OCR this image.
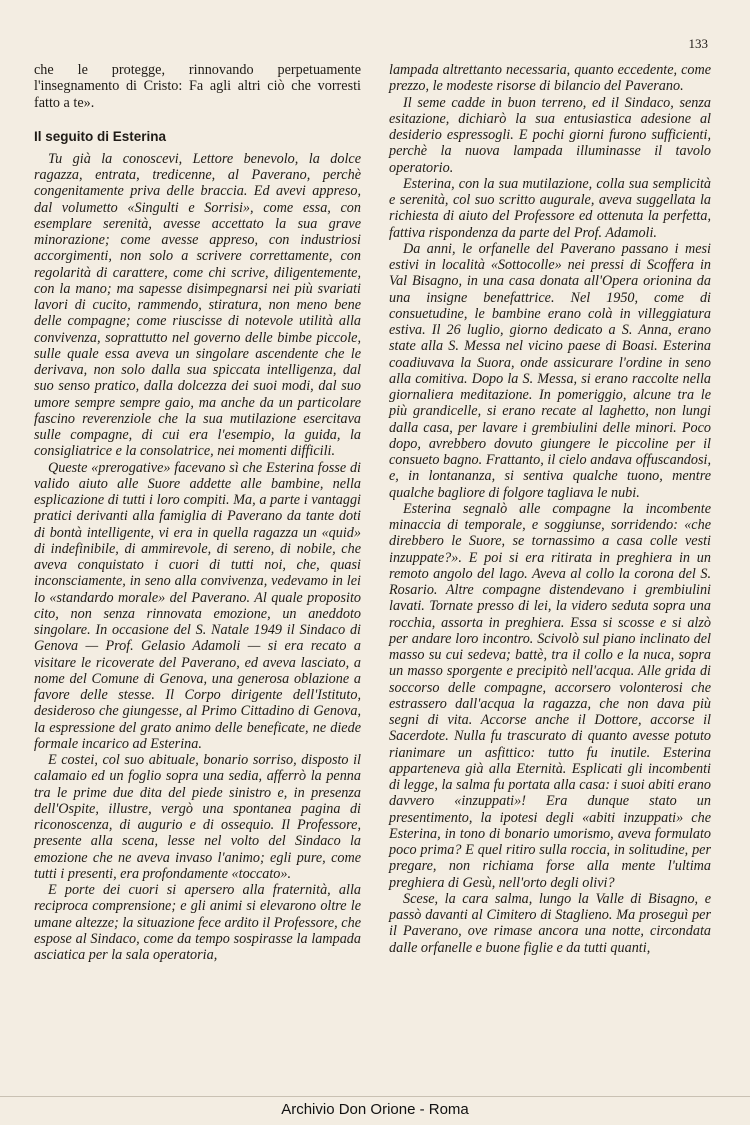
133

che le protegge, rinnovando perpetuamente l'insegnamento di Cristo: Fa agli altri ciò che vorresti fatto a te».

Il seguito di Esterina

Tu già la conoscevi, Lettore benevolo, la dolce ragazza, entrata, tredicenne, al Paverano, perchè congenitamente priva delle braccia. Ed avevi appreso, dal volumetto «Singulti e Sorrisi», come essa, con esemplare serenità, avesse accettato la sua grave minorazione; come avesse appreso, con industriosi accorgimenti, non solo a scrivere correttamente, con regolarità di carattere, come chi scrive, diligentemente, con la mano; ma sapesse disimpegnarsi nei più svariati lavori di cucito, rammendo, stiratura, non meno bene delle compagne; come riuscisse di notevole utilità alla convivenza, soprattutto nel governo delle bimbe piccole, sulle quale essa aveva un singolare ascendente che le derivava, non solo dalla sua spiccata intelligenza, dal suo senso pratico, dalla dolcezza dei suoi modi, dal suo umore sempre sempre gaio, ma anche da un particolare fascino reverenziole che la sua mutilazione esercitava sulle compagne, di cui era l'esempio, la guida, la consigliatrice e la consolatrice, nei momenti difficili.

Queste «prerogative» facevano sì che Esterina fosse di valido aiuto alle Suore addette alle bambine, nella esplicazione di tutti i loro compiti. Ma, a parte i vantaggi pratici derivanti alla famiglia di Paverano da tante doti di bontà intelligente, vi era in quella ragazza un «quid» di indefinibile, di ammirevole, di sereno, di nobile, che aveva conquistato i cuori di tutti noi, che, quasi inconsciamente, in seno alla convivenza, vedevamo in lei lo «standardo morale» del Paverano. Al quale proposito cito, non senza rinnovata emozione, un aneddoto singolare. In occasione del S. Natale 1949 il Sindaco di Genova — Prof. Gelasio Adamoli — si era recato a visitare le ricoverate del Paverano, ed aveva lasciato, a nome del Comune di Genova, una generosa oblazione a favore delle stesse. Il Corpo dirigente dell'Istituto, desideroso che giungesse, al Primo Cittadino di Genova, la espressione del grato animo delle beneficate, ne diede formale incarico ad Esterina.

E costei, col suo abituale, bonario sorriso, disposto il calamaio ed un foglio sopra una sedia, afferrò la penna tra le prime due dita del piede sinistro e, in presenza dell'Ospite, illustre, vergò una spontanea pagina di riconoscenza, di augurio e di ossequio. Il Professore, presente alla scena, lesse nel volto del Sindaco la emozione che ne aveva invaso l'animo; egli pure, come tutti i presenti, era profondamente «toccato».

E porte dei cuori si apersero alla fraternità, alla reciproca comprensione; e gli animi si elevarono oltre le umane altezze; la situazione fece ardito il Professore, che espose al Sindaco, come da tempo sospirasse la lampada asciatica per la sala operatoria,

lampada altrettanto necessaria, quanto eccedente, come prezzo, le modeste risorse di bilancio del Paverano.

Il seme cadde in buon terreno, ed il Sindaco, senza esitazione, dichiarò la sua entusiastica adesione al desiderio espressogli. E pochi giorni furono sufficienti, perchè la nuova lampada illuminasse il tavolo operatorio.

Esterina, con la sua mutilazione, colla sua semplicità e serenità, col suo scritto augurale, aveva suggellata la richiesta di aiuto del Professore ed ottenuta la perfetta, fattiva rispondenza da parte del Prof. Adamoli.

Da anni, le orfanelle del Paverano passano i mesi estivi in località «Sottocolle» nei pressi di Scoffera in Val Bisagno, in una casa donata all'Opera orionina da una insigne benefattrice. Nel 1950, come di consuetudine, le bambine erano colà in villeggiatura estiva. Il 26 luglio, giorno dedicato a S. Anna, erano state alla S. Messa nel vicino paese di Boasi. Esterina coadiuvava la Suora, onde assicurare l'ordine in seno alla comitiva. Dopo la S. Messa, si erano raccolte nella giornaliera meditazione. In pomeriggio, alcune tra le più grandicelle, si erano recate al laghetto, non lungi dalla casa, per lavare i grembiulini delle minori. Poco dopo, avrebbero dovuto giungere le piccoline per il consueto bagno. Frattanto, il cielo andava offuscandosi, e, in lontananza, si sentiva qualche tuono, mentre qualche bagliore di folgore tagliava le nubi.

Esterina segnalò alle compagne la incombente minaccia di temporale, e soggiunse, sorridendo: «che direbbero le Suore, se tornassimo a casa colle vesti inzuppate?». E poi si era ritirata in preghiera in un remoto angolo del lago. Aveva al collo la corona del S. Rosario. Altre compagne distendevano i grembiulini lavati. Tornate presso di lei, la videro seduta sopra una rocchia, assorta in preghiera. Essa si scosse e si alzò per andare loro incontro. Scivolò sul piano inclinato del masso su cui sedeva; battè, tra il collo e la nuca, sopra un masso sporgente e precipitò nell'acqua. Alle grida di soccorso delle compagne, accorsero volonterosi che estrassero dall'acqua la ragazza, che non dava più segni di vita. Accorse anche il Dottore, accorse il Sacerdote. Nulla fu trascurato di quanto avesse potuto rianimare un asfittico: tutto fu inutile. Esterina apparteneva già alla Eternità. Esplicati gli incombenti di legge, la salma fu portata alla casa: i suoi abiti erano davvero «inzuppati»! Era dunque stato un presentimento, la ipotesi degli «abiti inzuppati» che Esterina, in tono di bonario umorismo, aveva formulato poco prima? E quel ritiro sulla roccia, in solitudine, per pregare, non richiama forse alla mente l'ultima preghiera di Gesù, nell'orto degli olivi?

Scese, la cara salma, lungo la Valle di Bisagno, e passò davanti al Cimitero di Staglieno. Ma proseguì per il Paverano, ove rimase ancora una notte, circondata dalle orfanelle e buone figlie e da tutti quanti,

Archivio Don Orione - Roma
